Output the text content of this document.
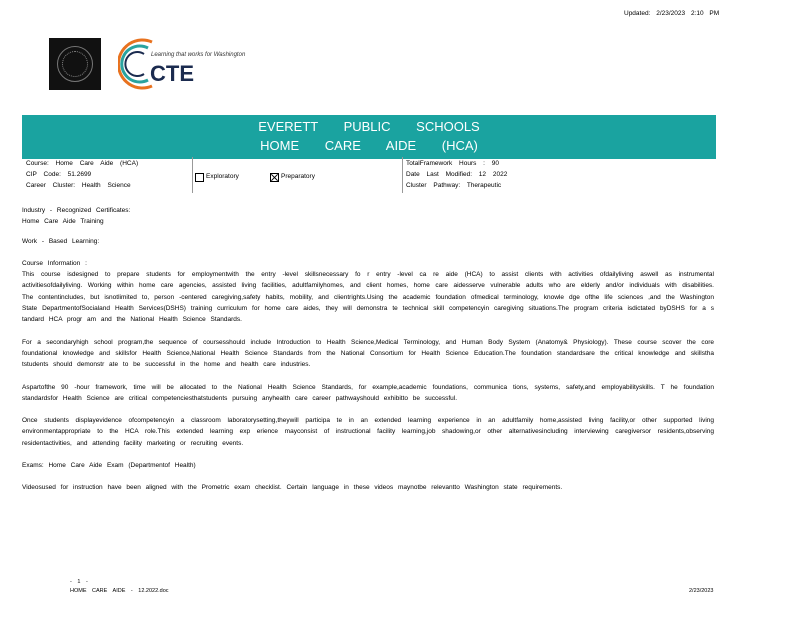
Updated: 2/23/2023 2:10 PM
Learning that works for Washington
CTE
EVERETT PUBLIC SCHOOLS
HOME CARE AIDE (HCA)
Course: Home Care Aide (HCA)
CIP Code: 51.2699
Career Cluster: Health Science
Exploratory	Preparatory
TotalFramework Hours : 90
Date Last Modified: 12 2022
Cluster Pathway: Therapeutic

Industry - Recognized Certificates:
Home Care Aide Training

Work - Based Learning:

Course Information :

This course isdesigned to prepare students for employmentwith the entry -level skillsnecessary fo r entry -level ca re aide (HCA) to assist clients with activities ofdailyliving aswell as instrumental activitiesofdailyliving. Working within home care agencies, assisted living facilities, adultfamilyhomes, and client homes, home care aidesserve vulnerable adults who are elderly and/or individuals with disabilities. The contentincludes, but isnotlimited to, person -centered caregiving,safety habits, mobility, and clientrights.Using the academic foundation ofmedical terminology, knowle dge ofthe life sciences ,and the Washington State DepartmentofSocialand Health Services(DSHS) training curriculum for home care aides, they will demonstra te technical skill competencyin caregiving situations.The program criteria isdictated byDSHS for a s tandard HCA progr am and the National Health Science Standards.

For a secondaryhigh school program,the sequence of coursesshould include Introduction to Health Science,Medical Terminology, and Human Body System (Anatomy& Physiology). These course scover the core foundational knowledge and skillsfor Health Science,National Health Science Standards from the National Consortium for Health Science Education.The foundation standardsare the critical knowledge and skillstha tstudents should demonstr ate to be successful in the home and health care industries.

Aspartofthe 90 -hour framework, time will be allocated to the National Health Science Standards, for example,academic foundations, communica tions, systems, safety,and employabilityskills. T he foundation standardsfor Health Science are critical competenciesthatstudents pursuing anyhealth care career pathwayshould exhibitto be successful.

Once students displayevidence ofcompetencyin a classroom laboratorysetting,theywill participa te in an extended learning experience in an adultfamily home,assisted living facility,or other supported living environmentappropriate to the HCA role.This extended learning exp erience mayconsist of instructional facility learning,job shadowing,or other alternativesincluding interviewing caregiversor residents,observing residentactivities, and attending facility marketing or recruiting events.

Exams: Home Care Aide Exam (Departmentof Health)

Videosused for instruction have been aligned with the Prometric exam checklist. Certain language in these videos maynotbe relevantto Washington state requirements.

- 1 -
HOME CARE AIDE - 12.2022.doc	2/23/2023
